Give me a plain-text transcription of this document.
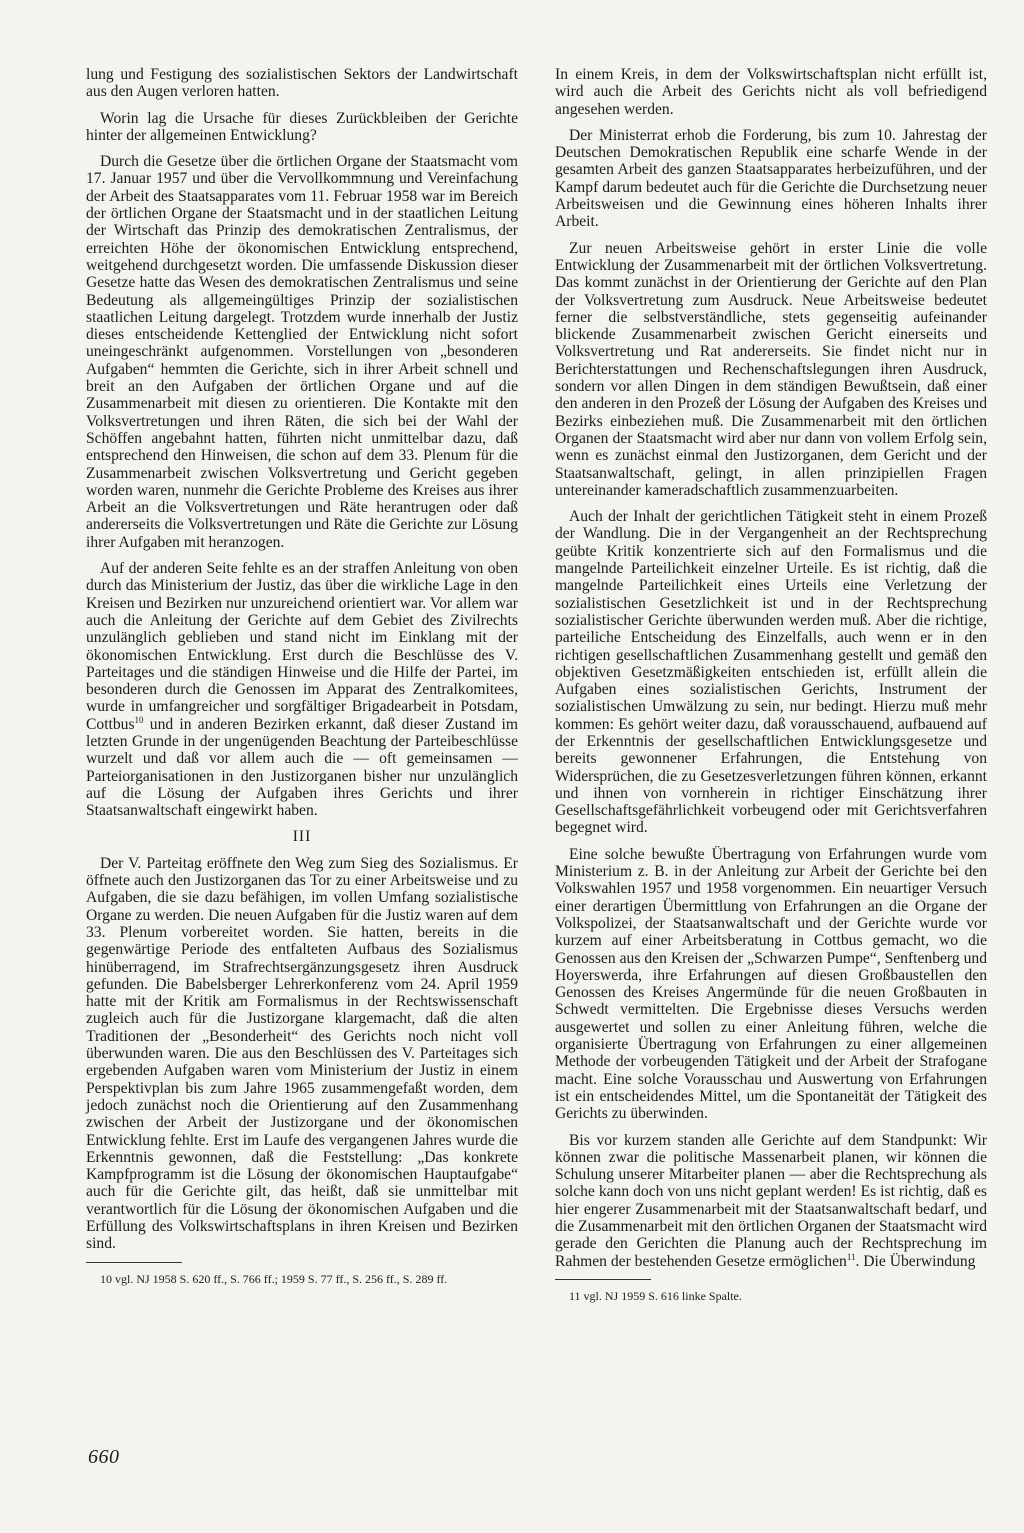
lung und Festigung des sozialistischen Sektors der Landwirtschaft aus den Augen verloren hatten.

Worin lag die Ursache für dieses Zurückbleiben der Gerichte hinter der allgemeinen Entwicklung?

Durch die Gesetze über die örtlichen Organe der Staatsmacht vom 17. Januar 1957 und über die Vervollkommnung und Vereinfachung der Arbeit des Staatsapparates vom 11. Februar 1958 war im Bereich der örtlichen Organe der Staatsmacht und in der staatlichen Leitung der Wirtschaft das Prinzip des demokratischen Zentralismus, der erreichten Höhe der ökonomischen Entwicklung entsprechend, weitgehend durchgesetzt worden. Die umfassende Diskussion dieser Gesetze hatte das Wesen des demokratischen Zentralismus und seine Bedeutung als allgemeingültiges Prinzip der sozialistischen staatlichen Leitung dargelegt. Trotzdem wurde innerhalb der Justiz dieses entscheidende Kettenglied der Entwicklung nicht sofort uneingeschränkt aufgenommen. Vorstellungen von „besonderen Aufgaben“ hemmten die Gerichte, sich in ihrer Arbeit schnell und breit an den Aufgaben der örtlichen Organe und auf die Zusammenarbeit mit diesen zu orientieren. Die Kontakte mit den Volksvertretungen und ihren Räten, die sich bei der Wahl der Schöffen angebahnt hatten, führten nicht unmittelbar dazu, daß entsprechend den Hinweisen, die schon auf dem 33. Plenum für die Zusammenarbeit zwischen Volksvertretung und Gericht gegeben worden waren, nunmehr die Gerichte Probleme des Kreises aus ihrer Arbeit an die Volksvertretungen und Räte herantrugen oder daß andererseits die Volksvertretungen und Räte die Gerichte zur Lösung ihrer Aufgaben mit heranzogen.

Auf der anderen Seite fehlte es an der straffen Anleitung von oben durch das Ministerium der Justiz, das über die wirkliche Lage in den Kreisen und Bezirken nur unzureichend orientiert war. Vor allem war auch die Anleitung der Gerichte auf dem Gebiet des Zivilrechts unzulänglich geblieben und stand nicht im Einklang mit der ökonomischen Entwicklung. Erst durch die Beschlüsse des V. Parteitages und die ständigen Hinweise und die Hilfe der Partei, im besonderen durch die Genossen im Apparat des Zentralkomitees, wurde in umfangreicher und sorgfältiger Brigadearbeit in Potsdam, Cottbus$^{10}$ und in anderen Bezirken erkannt, daß dieser Zustand im letzten Grunde in der ungenügenden Beachtung der Parteibeschlüsse wurzelt und daß vor allem auch die — oft gemeinsamen — Parteiorganisationen in den Justizorganen bisher nur unzulänglich auf die Lösung der Aufgaben ihres Gerichts und ihrer Staatsanwaltschaft eingewirkt haben.

III

Der V. Parteitag eröffnete den Weg zum Sieg des Sozialismus. Er öffnete auch den Justizorganen das Tor zu einer Arbeitsweise und zu Aufgaben, die sie dazu befähigen, im vollen Umfang sozialistische Organe zu werden. Die neuen Aufgaben für die Justiz waren auf dem 33. Plenum vorbereitet worden. Sie hatten, bereits in die gegenwärtige Periode des entfalteten Aufbaus des Sozialismus hinüberragend, im Strafrechtsergänzungsgesetz ihren Ausdruck gefunden. Die Babelsberger Lehrerkonferenz vom 24. April 1959 hatte mit der Kritik am Formalismus in der Rechtswissenschaft zugleich auch für die Justizorgane klargemacht, daß die alten Traditionen der „Besonderheit“ des Gerichts noch nicht voll überwunden waren. Die aus den Beschlüssen des V. Parteitages sich ergebenden Aufgaben waren vom Ministerium der Justiz in einem Perspektivplan bis zum Jahre 1965 zusammengefaßt worden, dem jedoch zunächst noch die Orientierung auf den Zusammenhang zwischen der Arbeit der Justizorgane und der ökonomischen Entwicklung fehlte. Erst im Laufe des vergangenen Jahres wurde die Erkenntnis gewonnen, daß die Feststellung: „Das konkrete Kampfprogramm ist die Lösung der ökonomischen Hauptaufgabe“ auch für die Gerichte gilt, das heißt, daß sie unmittelbar mit verantwortlich für die Lösung der ökonomischen Aufgaben und die Erfüllung des Volkswirtschaftsplans in ihren Kreisen und Bezirken sind.

10 vgl. NJ 1958 S. 620 ff., S. 766 ff.; 1959 S. 77 ff., S. 256 ff., S. 289 ff.

In einem Kreis, in dem der Volkswirtschaftsplan nicht erfüllt ist, wird auch die Arbeit des Gerichts nicht als voll befriedigend angesehen werden.

Der Ministerrat erhob die Forderung, bis zum 10. Jahrestag der Deutschen Demokratischen Republik eine scharfe Wende in der gesamten Arbeit des ganzen Staatsapparates herbeizuführen, und der Kampf darum bedeutet auch für die Gerichte die Durchsetzung neuer Arbeitsweisen und die Gewinnung eines höheren Inhalts ihrer Arbeit.

Zur neuen Arbeitsweise gehört in erster Linie die volle Entwicklung der Zusammenarbeit mit der örtlichen Volksvertretung. Das kommt zunächst in der Orientierung der Gerichte auf den Plan der Volksvertretung zum Ausdruck. Neue Arbeitsweise bedeutet ferner die selbstverständliche, stets gegenseitig aufeinander blickende Zusammenarbeit zwischen Gericht einerseits und Volksvertretung und Rat andererseits. Sie findet nicht nur in Berichterstattungen und Rechenschaftslegungen ihren Ausdruck, sondern vor allen Dingen in dem ständigen Bewußtsein, daß einer den anderen in den Prozeß der Lösung der Aufgaben des Kreises und Bezirks einbeziehen muß. Die Zusammenarbeit mit den örtlichen Organen der Staatsmacht wird aber nur dann von vollem Erfolg sein, wenn es zunächst einmal den Justizorganen, dem Gericht und der Staatsanwaltschaft, gelingt, in allen prinzipiellen Fragen untereinander kameradschaftlich zusammenzuarbeiten.

Auch der Inhalt der gerichtlichen Tätigkeit steht in einem Prozeß der Wandlung. Die in der Vergangenheit an der Rechtsprechung geübte Kritik konzentrierte sich auf den Formalismus und die mangelnde Parteilichkeit einzelner Urteile. Es ist richtig, daß die mangelnde Parteilichkeit eines Urteils eine Verletzung der sozialistischen Gesetzlichkeit ist und in der Rechtsprechung sozialistischer Gerichte überwunden werden muß. Aber die richtige, parteiliche Entscheidung des Einzelfalls, auch wenn er in den richtigen gesellschaftlichen Zusammenhang gestellt und gemäß den objektiven Gesetzmäßigkeiten entschieden ist, erfüllt allein die Aufgaben eines sozialistischen Gerichts, Instrument der sozialistischen Umwälzung zu sein, nur bedingt. Hierzu muß mehr kommen: Es gehört weiter dazu, daß vorausschauend, aufbauend auf der Erkenntnis der gesellschaftlichen Entwicklungsgesetze und bereits gewonnener Erfahrungen, die Entstehung von Widersprüchen, die zu Gesetzesverletzungen führen können, erkannt und ihnen von vornherein in richtiger Einschätzung ihrer Gesellschaftsgefährlichkeit vorbeugend oder mit Gerichtsverfahren begegnet wird.

Eine solche bewußte Übertragung von Erfahrungen wurde vom Ministerium z. B. in der Anleitung zur Arbeit der Gerichte bei den Volkswahlen 1957 und 1958 vorgenommen. Ein neuartiger Versuch einer derartigen Übermittlung von Erfahrungen an die Organe der Volkspolizei, der Staatsanwaltschaft und der Gerichte wurde vor kurzem auf einer Arbeitsberatung in Cottbus gemacht, wo die Genossen aus den Kreisen der „Schwarzen Pumpe“, Senftenberg und Hoyerswerda, ihre Erfahrungen auf diesen Großbaustellen den Genossen des Kreises Angermünde für die neuen Großbauten in Schwedt vermittelten. Die Ergebnisse dieses Versuchs werden ausgewertet und sollen zu einer Anleitung führen, welche die organisierte Übertragung von Erfahrungen zu einer allgemeinen Methode der vorbeugenden Tätigkeit und der Arbeit der Strafogane macht. Eine solche Vorausschau und Auswertung von Erfahrungen ist ein entscheidendes Mittel, um die Spontaneität der Tätigkeit des Gerichts zu überwinden.

Bis vor kurzem standen alle Gerichte auf dem Standpunkt: Wir können zwar die politische Massenarbeit planen, wir können die Schulung unserer Mitarbeiter planen — aber die Rechtsprechung als solche kann doch von uns nicht geplant werden! Es ist richtig, daß es hier engerer Zusammenarbeit mit der Staatsanwaltschaft bedarf, und die Zusammenarbeit mit den örtlichen Organen der Staatsmacht wird gerade den Gerichten die Planung auch der Rechtsprechung im Rahmen der bestehenden Gesetze ermöglichen$^{11}$. Die Überwindung

11 vgl. NJ 1959 S. 616 linke Spalte.

660
